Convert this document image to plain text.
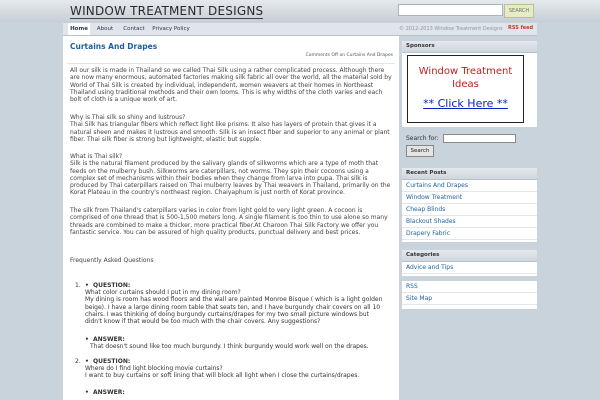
WINDOW TREATMENT DESIGNS	SEARCH
Home	About	Contact	Privacy Policy	© 2012-2013 Window Treatment Designs RSS feed
Curtains And Drapes
Comments Off on Curtains And Drapes

All our silk is made in Thailand so we called Thai Silk using a rather complicated process. Although there are now many enormous, automated factories making silk fabric all over the world, all the material sold by World of Thai Silk is created by individual, independent, women weavers at their homes in Northeast Thailand using traditional methods and their own looms. This is why widths of the cloth varies and each bolt of cloth is a unique work of art.

Why is Thai silk so shiny and lustrous?

Thai Silk has triangular fibers which reflect light like prisms. It also has layers of protein that gives it a natural sheen and makes it lustrous and smooth. Silk is an insect fiber and superior to any animal or plant fiber. Thai silk fiber is strong but lightweight, elastic but supple.

What is Thai silk?

Silk is the natural filament produced by the salivary glands of silkworms which are a type of moth that feeds on the mulberry bush. Silkworms are caterpillars, not worms. They spin their cocoons using a complex set of mechanisms within their bodies when they change from larva into pupa. Thai silk is produced by Thai caterpillars raised on Thai mulberry leaves by Thai weavers in Thailand, primarily on the Korat Plateau in the country's northeast region. Chaiyaphum is just north of Korat province.

The silk from Thailand's caterpillars varies in color from light gold to very light green. A cocoon is comprised of one thread that is 500-1,500 meters long. A single filament is too thin to use alone so many threads are combined to make a thicker, more practical fiber.At Charoon Thai Silk Factory we offer you fantastic service. You can be assured of high quality products, punctual delivery and best prices.

Frequently Asked Questions
1. • QUESTION:
What color curtains should I put in my dining room?
My dining is room has wood floors and the wall are painted Monroe Bisque ( which is a light golden beige). I have a large dining room table that seats ten, and I have burgundy chair covers on all 10 chairs. I was thinking of doing burgundy curtains/drapes for my two small picture windows but didn't know if that would be too much with the chair covers. Any suggestions?
• ANSWER:
That doesn't sound like too much burgundy. I think burgundy would work well on the drapes.
2. • QUESTION:
Where do I find light blocking movie curtains?
I want to buy curtains or soft lining that will block all light when I close the curtains/drapes.
• ANSWER:
Sponsors
Window Treatment Ideas
** Click Here **
Search for:
Search
Recent Posts
Curtains And Drapes
Window Treatment
Cheap Blinds
Blackout Shades
Drapery Fabric
Categories
Advice and Tips
RSS
Site Map
